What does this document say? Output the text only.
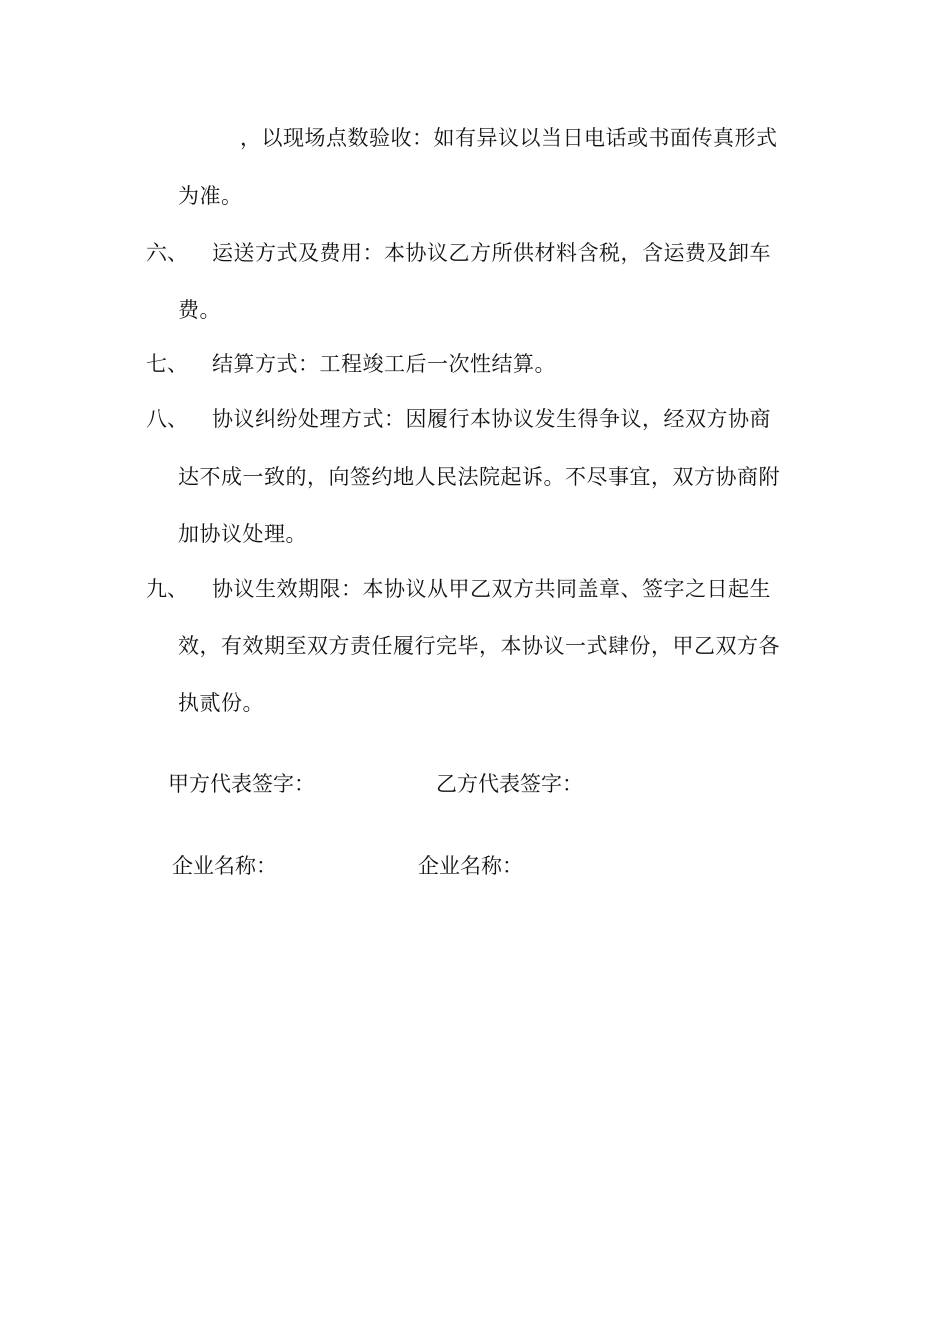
，以现场点数验收：如有异议以当日电话或书面传真形式
为准。
六、 运送方式及费用：本协议乙方所供材料含税，含运费及卸车
费。
七、 结算方式：工程竣工后一次性结算。
八、 协议纠纷处理方式：因履行本协议发生得争议，经双方协商
达不成一致的，向签约地人民法院起诉。不尽事宜，双方协商附
加协议处理。
九、 协议生效期限：本协议从甲乙双方共同盖章、签字之日起生
效，有效期至双方责任履行完毕，本协议一式肆份，甲乙双方各
执贰份。
甲方代表签字：	乙方代表签字：
企业名称：	企业名称：
